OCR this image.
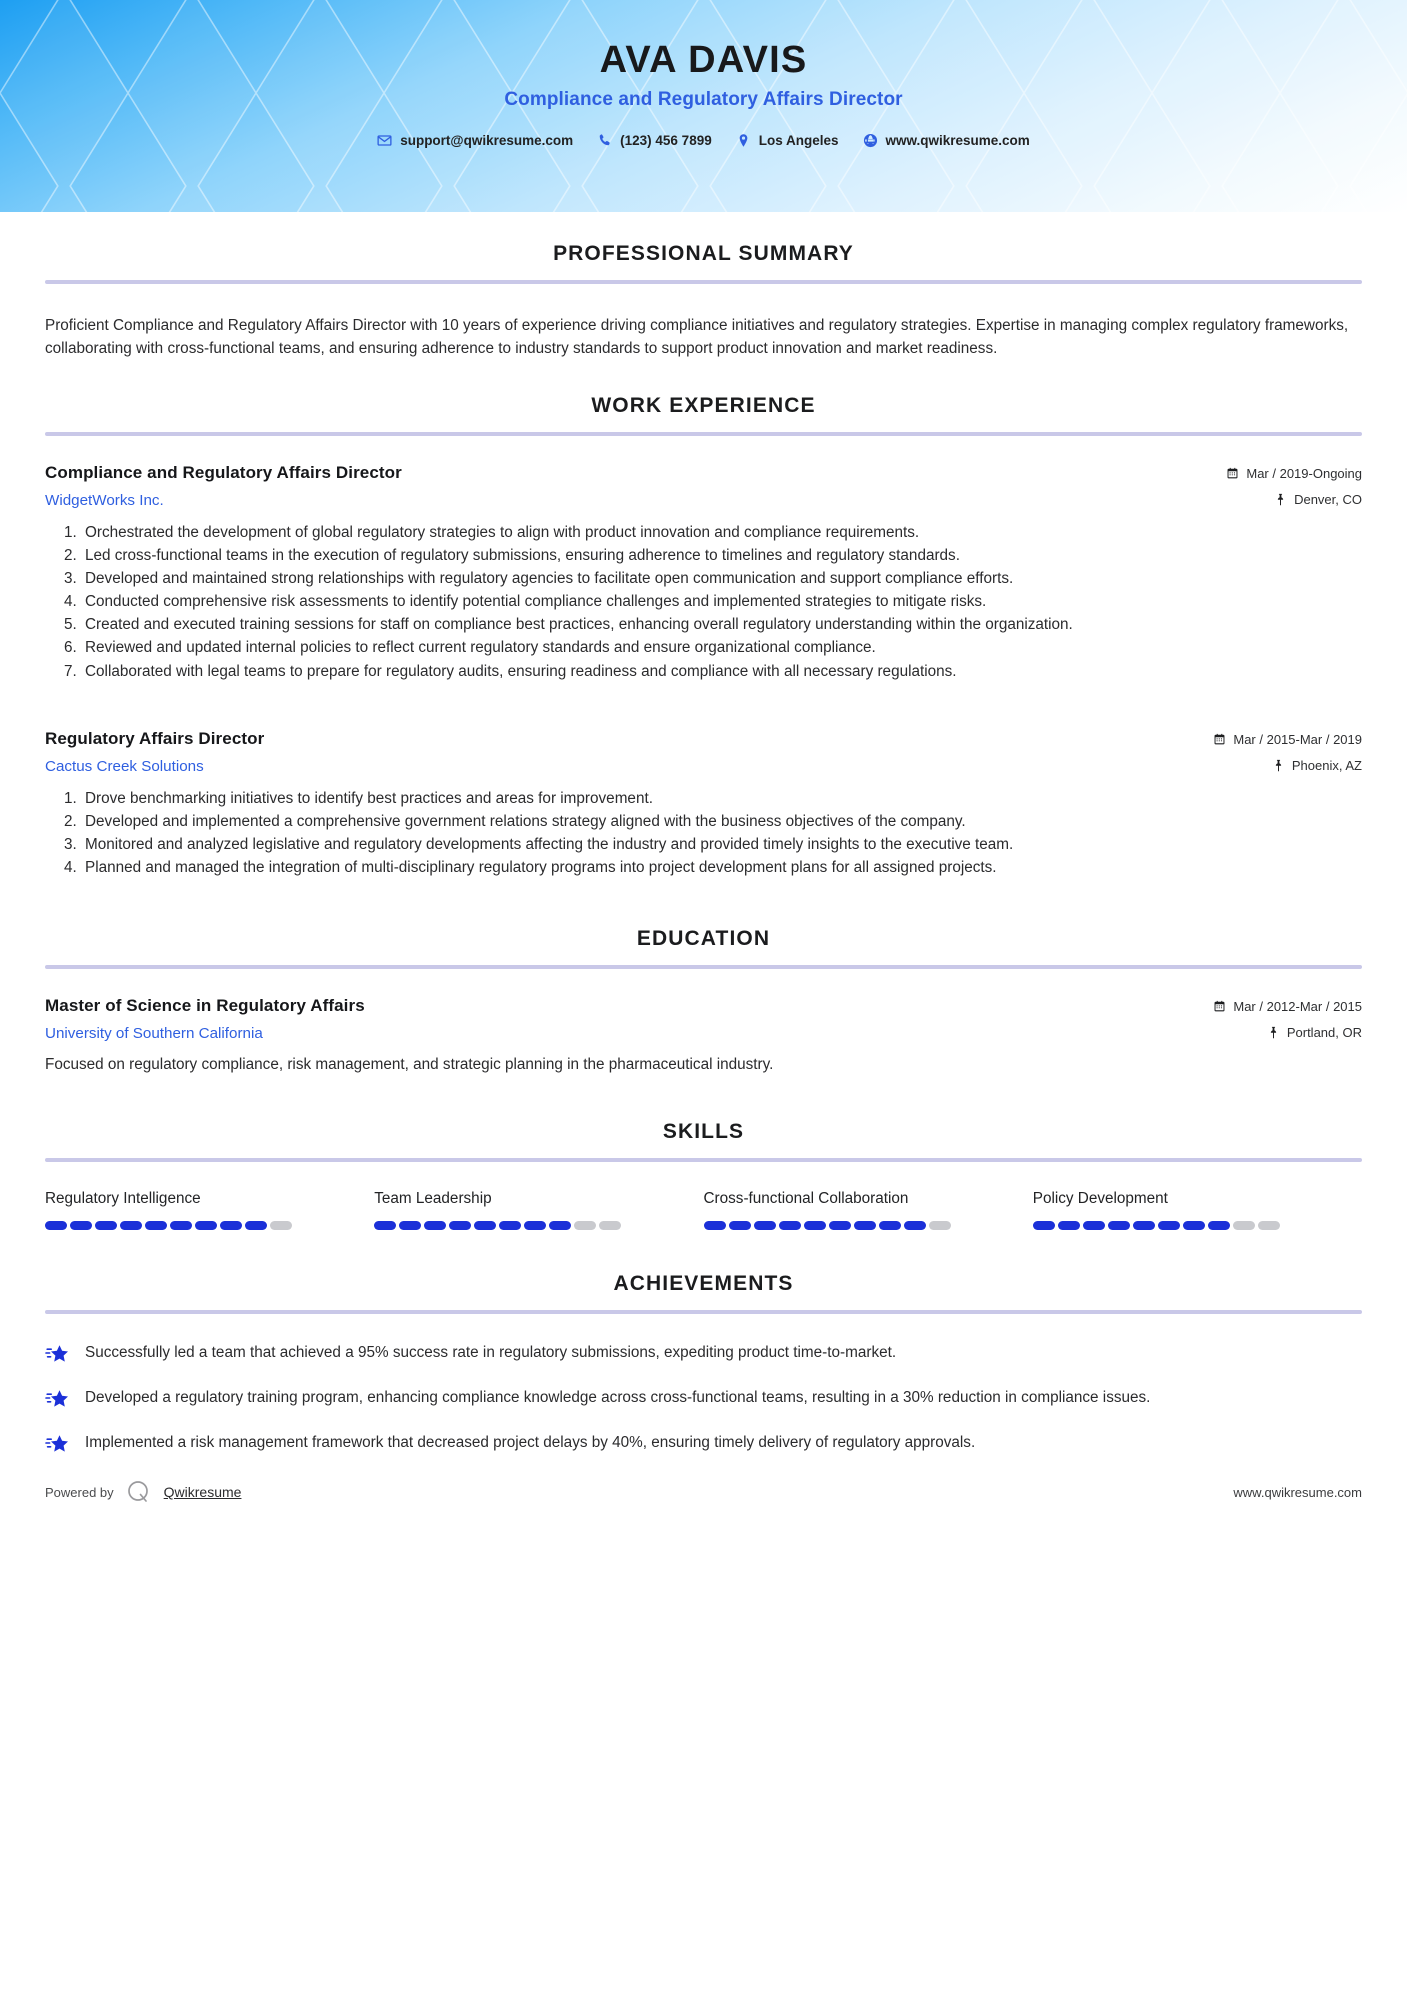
AVA DAVIS
Compliance and Regulatory Affairs Director
support@qwikresume.com	(123) 456 7899	Los Angeles	www.qwikresume.com
PROFESSIONAL SUMMARY

Proficient Compliance and Regulatory Affairs Director with 10 years of experience driving compliance initiatives and regulatory strategies. Expertise in managing complex regulatory frameworks, collaborating with cross-functional teams, and ensuring adherence to industry standards to support product innovation and market readiness.

WORK EXPERIENCE
Compliance and Regulatory Affairs Director
WidgetWorks Inc.
Mar / 2019-Ongoing
Denver, CO
1. Orchestrated the development of global regulatory strategies to align with product innovation and compliance requirements.
2. Led cross-functional teams in the execution of regulatory submissions, ensuring adherence to timelines and regulatory standards.
3. Developed and maintained strong relationships with regulatory agencies to facilitate open communication and support compliance efforts.
4. Conducted comprehensive risk assessments to identify potential compliance challenges and implemented strategies to mitigate risks.
5. Created and executed training sessions for staff on compliance best practices, enhancing overall regulatory understanding within the organization.
6. Reviewed and updated internal policies to reflect current regulatory standards and ensure organizational compliance.
7. Collaborated with legal teams to prepare for regulatory audits, ensuring readiness and compliance with all necessary regulations.
Regulatory Affairs Director
Cactus Creek Solutions
Mar / 2015-Mar / 2019
Phoenix, AZ
1. Drove benchmarking initiatives to identify best practices and areas for improvement.
2. Developed and implemented a comprehensive government relations strategy aligned with the business objectives of the company.
3. Monitored and analyzed legislative and regulatory developments affecting the industry and provided timely insights to the executive team.
4. Planned and managed the integration of multi-disciplinary regulatory programs into project development plans for all assigned projects.
EDUCATION
Master of Science in Regulatory Affairs
University of Southern California
Mar / 2012-Mar / 2015
Portland, OR

Focused on regulatory compliance, risk management, and strategic planning in the pharmaceutical industry.

SKILLS
Regulatory Intelligence	Team Leadership	Cross-functional Collaboration	Policy Development
ACHIEVEMENTS
Successfully led a team that achieved a 95% success rate in regulatory submissions, expediting product time-to-market.
Developed a regulatory training program, enhancing compliance knowledge across cross-functional teams, resulting in a 30% reduction in compliance issues.
Implemented a risk management framework that decreased project delays by 40%, ensuring timely delivery of regulatory approvals.
Powered by	Qwikresume	www.qwikresume.com
